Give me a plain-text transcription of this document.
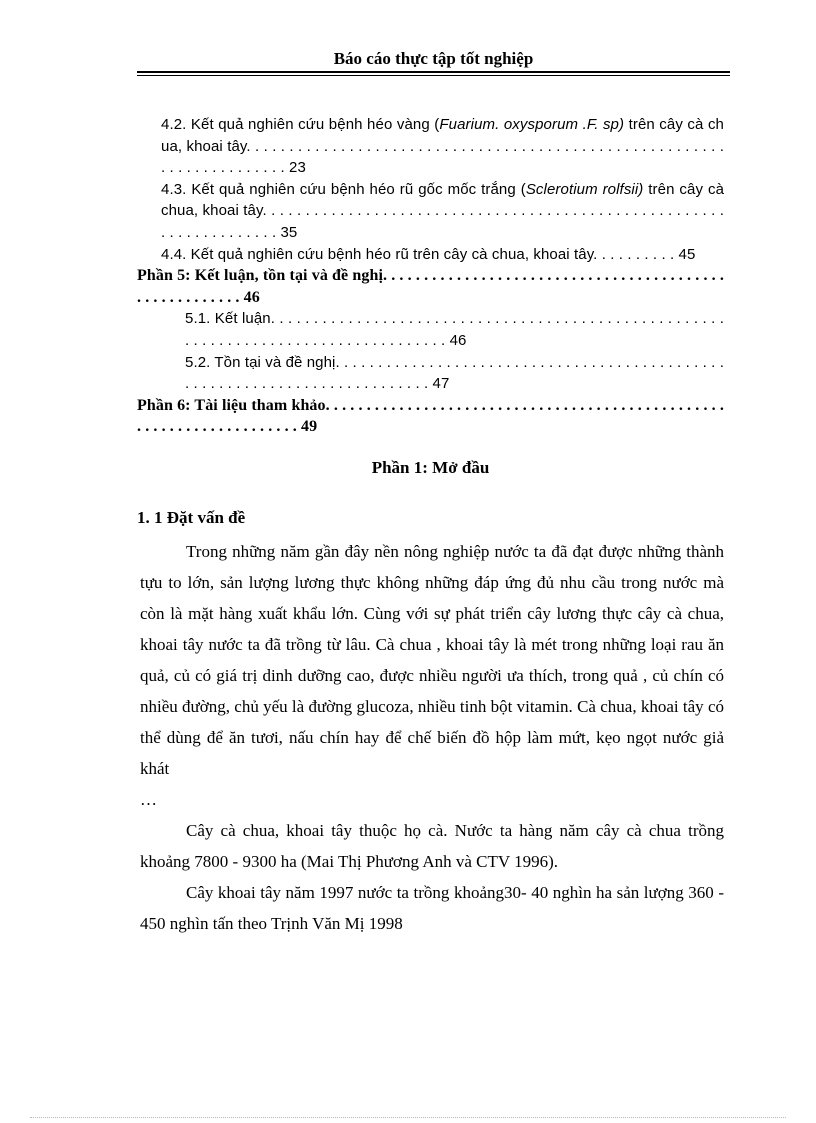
Báo cáo thực tập tốt nghiệp
4.2. Kết quả nghiên cứu bệnh héo vàng (Fuarium. oxysporum .F. sp) trên cây cà chua, khoai tây. . . . . . . . . . . . . . . . . . . . . . . . . . . . . . . . . . . . . . . . . . . . . . . . . . . . . . . . . . . . . . . . . . . . . . . 23
4.3. Kết quả nghiên cứu bệnh héo rũ gốc mốc trắng (Sclerotium rolfsii) trên cây cà chua, khoai tây. . . . . . . . . . . . . . . . . . . . . . . . . . . . . . . . . . . . . . . . . . . . . . . . . . . . . . . . . . . . . . . . . . . . 35
4.4. Kết quả nghiên cứu bệnh héo rũ trên cây cà chua, khoai tây. . . . . . . . . . 45
Phần 5: Kết luận, tồn tại và đề nghị. . . . . . . . . . . . . . . . . . . . . . . . . . . . . . . . . . . . . . . . . . . . . . . . . . . . . . . 46
5.1. Kết luận. . . . . . . . . . . . . . . . . . . . . . . . . . . . . . . . . . . . . . . . . . . . . . . . . . . . . . . . . . . . . . . . . . . . . . . . . . . . . . . . . . . . 46
5.2. Tồn tại và đề nghị. . . . . . . . . . . . . . . . . . . . . . . . . . . . . . . . . . . . . . . . . . . . . . . . . . . . . . . . . . . . . . . . . . . . . . . . . . . 47
Phần 6: Tài liệu tham khảo. . . . . . . . . . . . . . . . . . . . . . . . . . . . . . . . . . . . . . . . . . . . . . . . . . . . . . . . . . . . . . . . . . . . . 49
Phần 1: Mở đầu
1. 1 Đặt vấn đề

Trong những năm gần đây nền nông nghiệp nước ta đã đạt được những thành tựu to lớn, sản lượng lương thực không những đáp ứng đủ nhu cầu trong nước mà còn là mặt hàng xuất khẩu lớn. Cùng với sự phát triển cây lương thực cây cà chua, khoai tây nước ta đã trồng từ lâu. Cà chua , khoai tây là mét trong những loại rau ăn quả, củ có giá trị dinh dưỡng cao, được nhiều người ưa thích, trong quả , củ chín có nhiều đường, chủ yếu là đường glucoza, nhiều tinh bột vitamin. Cà chua, khoai tây có thể dùng để ăn tươi, nấu chín hay để chế biến đồ hộp làm mứt, kẹo ngọt nước giả khát

…

Cây cà chua, khoai tây thuộc họ cà. Nước ta hàng năm cây cà chua trồng khoảng 7800 - 9300 ha (Mai Thị Phương Anh và CTV 1996).

Cây khoai tây năm 1997 nước ta trồng khoảng30- 40 nghìn ha sản lượng 360 - 450 nghìn tấn theo Trịnh Văn Mị 1998
